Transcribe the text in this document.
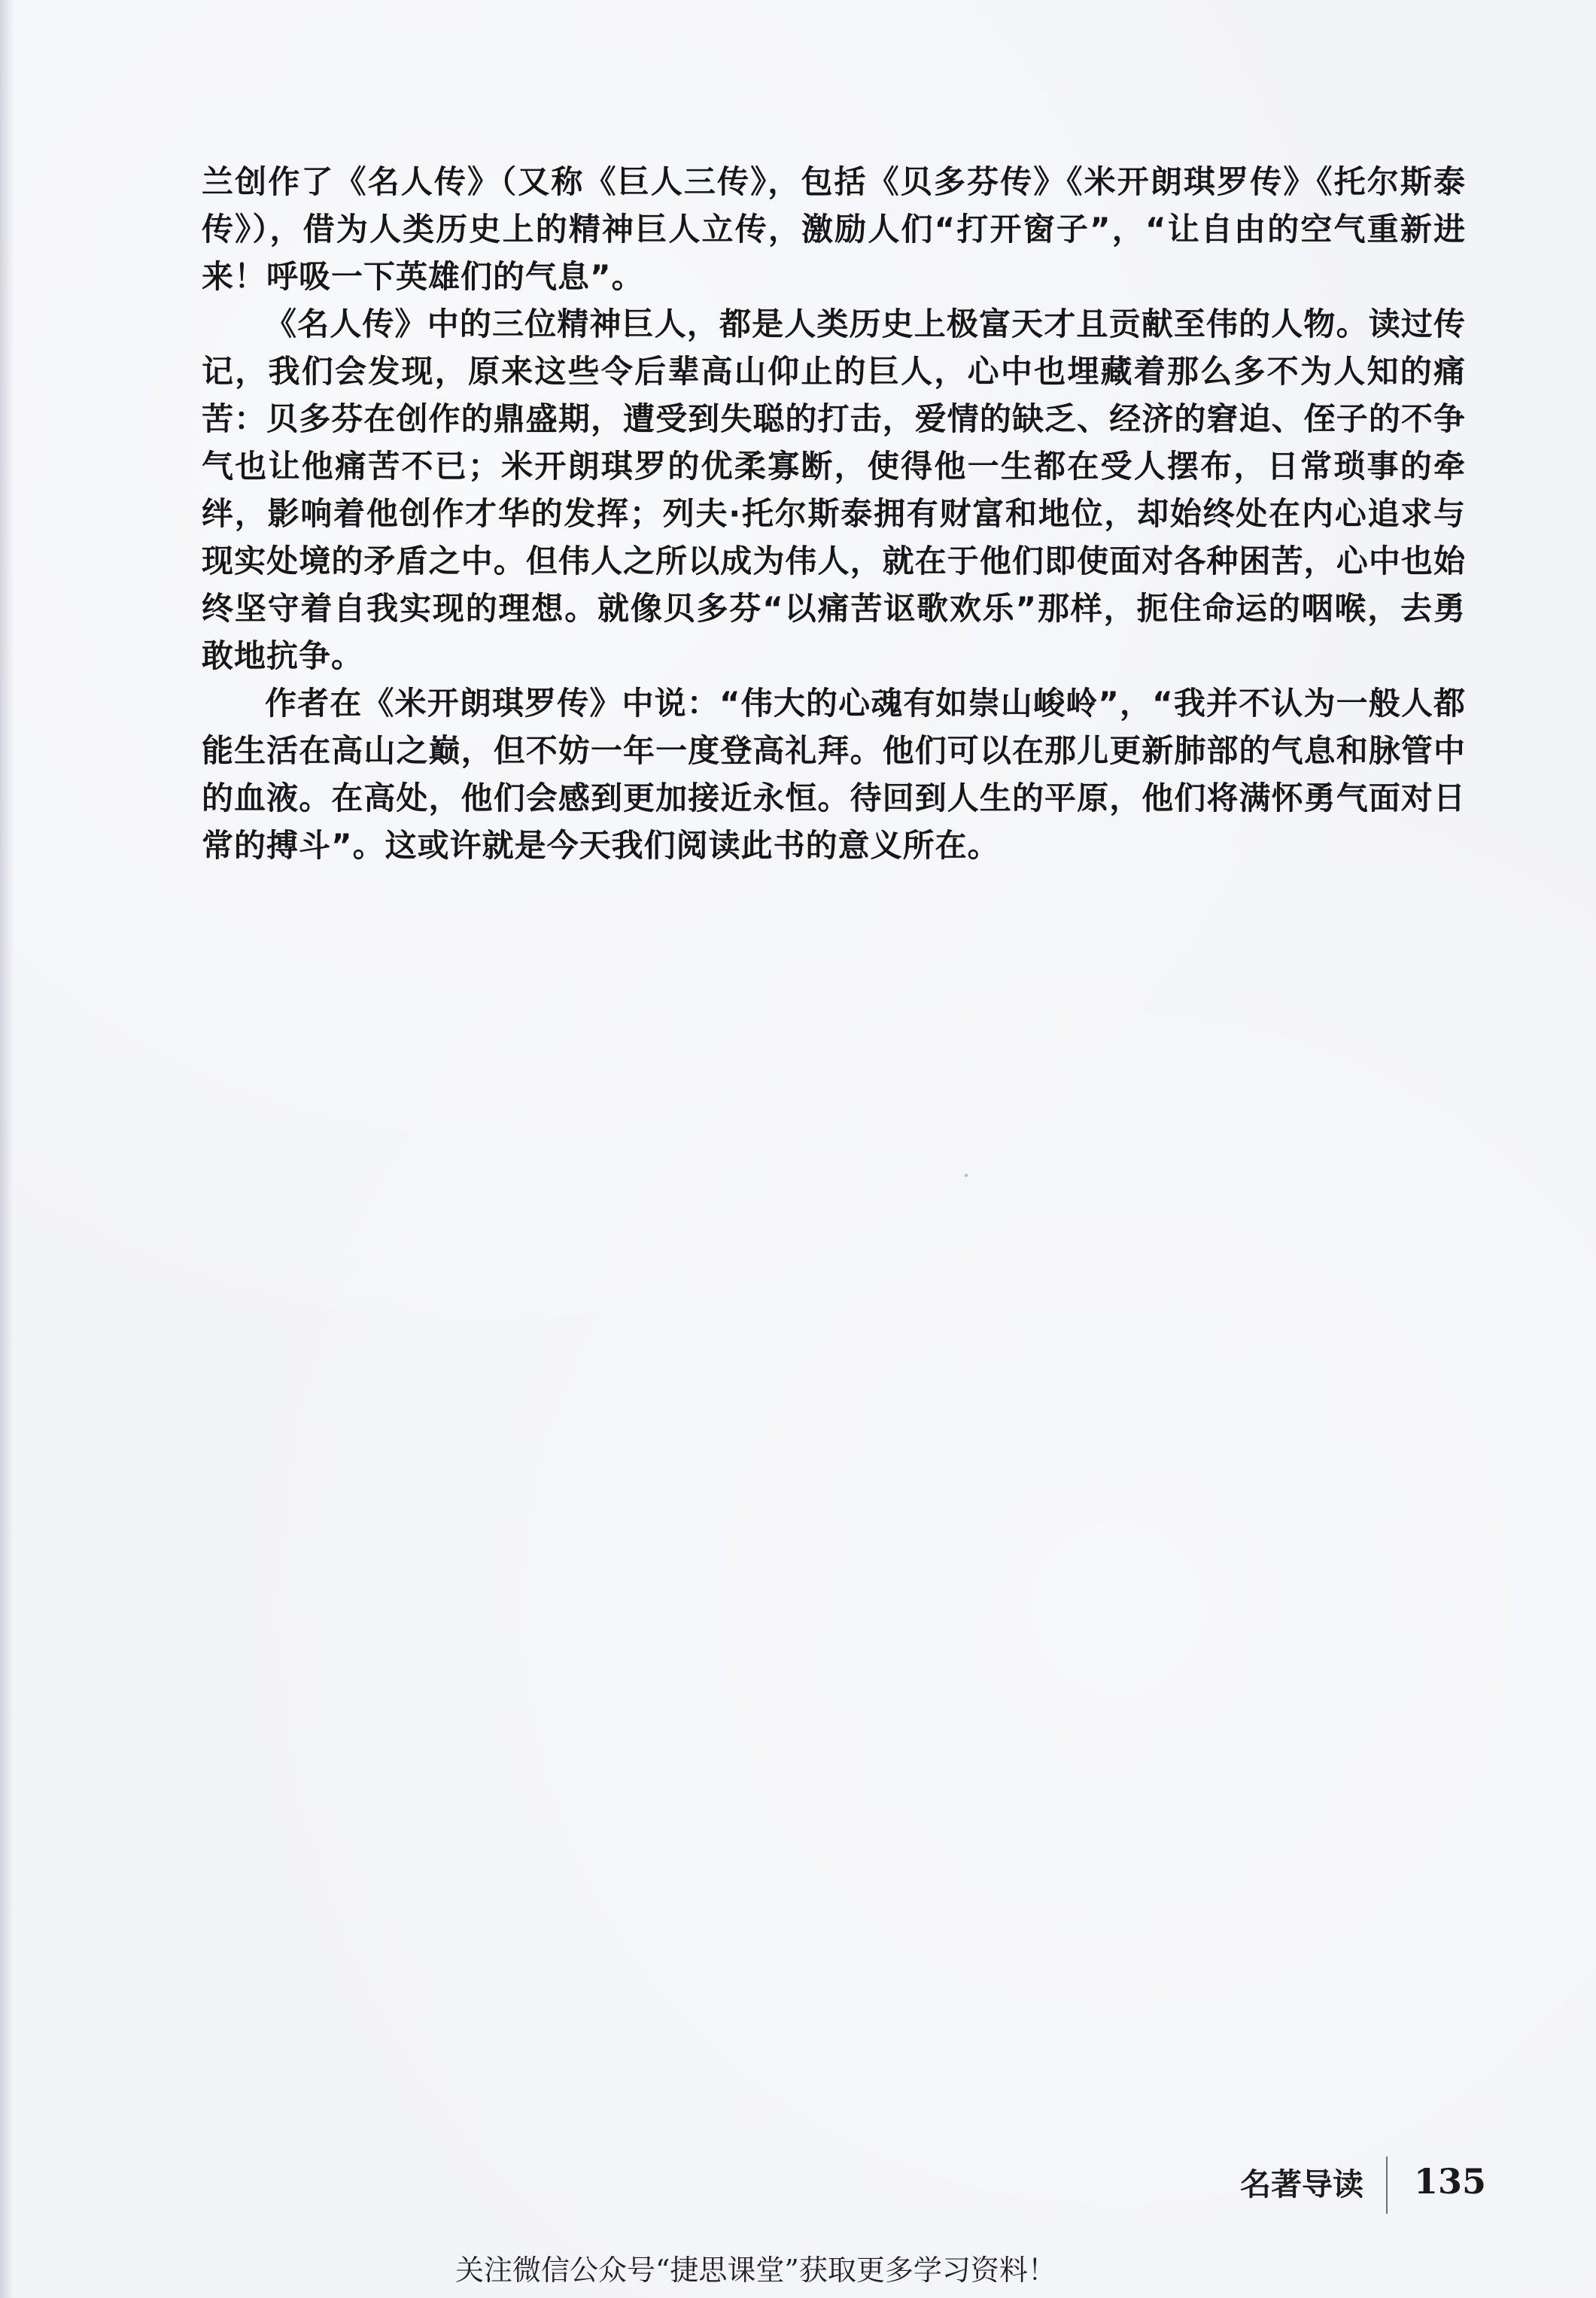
兰创作了《名人传》（又称《巨人三传》，包括《贝多芬传》《米开朗琪罗传》《托尔斯泰传》），借为人类历史上的精神巨人立传，激励人们“打开窗子”，“让自由的空气重新进来！呼吸一下英雄们的气息”。

《名人传》中的三位精神巨人，都是人类历史上极富天才且贡献至伟的人物。读过传记，我们会发现，原来这些令后辈高山仰止的巨人，心中也埋藏着那么多不为人知的痛苦：贝多芬在创作的鼎盛期，遭受到失聪的打击，爱情的缺乏、经济的窘迫、侄子的不争气也让他痛苦不已；米开朗琪罗的优柔寡断，使得他一生都在受人摆布，日常琐事的牵绊，影响着他创作才华的发挥；列夫·托尔斯泰拥有财富和地位，却始终处在内心追求与现实处境的矛盾之中。但伟人之所以成为伟人，就在于他们即使面对各种困苦，心中也始终坚守着自我实现的理想。就像贝多芬“以痛苦讴歌欢乐”那样，扼住命运的咽喉，去勇敢地抗争。

作者在《米开朗琪罗传》中说：“伟大的心魂有如崇山峻岭”，“我并不认为一般人都能生活在高山之巅，但不妨一年一度登高礼拜。他们可以在那儿更新肺部的气息和脉管中的血液。在高处，他们会感到更加接近永恒。待回到人生的平原，他们将满怀勇气面对日常的搏斗”。这或许就是今天我们阅读此书的意义所在。

名著导读 135
关注微信公众号“捷思课堂”获取更多学习资料！
